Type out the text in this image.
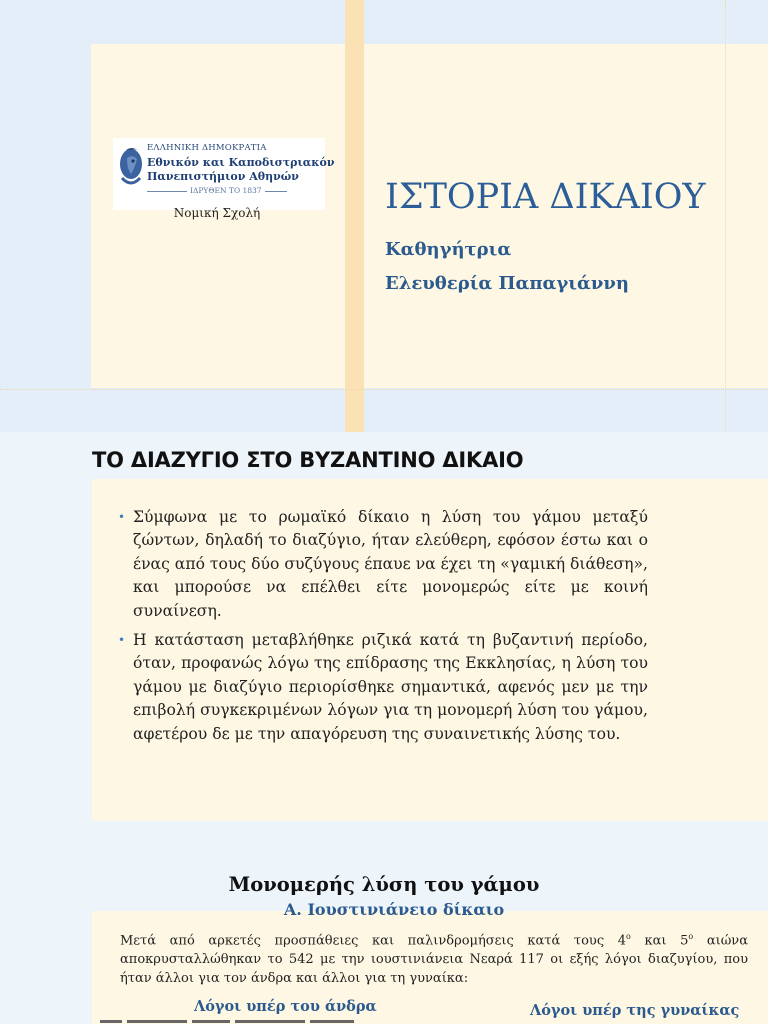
ΕΛΛΗΝΙΚΗ ΔΗΜΟΚΡΑΤΙΑ
Εθνικόν και Καποδιστριακόν
Πανεπιστήμιον Αθηνών
ΙΔΡΥΘΕΝ ΤΟ 1837
Νομική Σχολή	ΙΣΤΟΡΙΑ ΔΙΚΑΙΟΥ
Καθηγήτρια
Ελευθερία Παπαγιάννη
ΤΟ ΔΙΑΖΥΓΙΟ ΣΤΟ ΒΥΖΑΝΤΙΝΟ ΔΙΚΑΙΟ
• Σύμφωνα με το ρωμαϊκό δίκαιο η λύση του γάμου μεταξύ ζώντων, δηλαδή το διαζύγιο, ήταν ελεύθερη, εφόσον έστω και ο ένας από τους δύο συζύγους έπαυε να έχει τη «γαμική διάθεση», και μπορούσε να επέλθει είτε μονομερώς είτε με κοινή συναίνεση.
• Η κατάσταση μεταβλήθηκε ριζικά κατά τη βυζαντινή περίοδο, όταν, προφανώς λόγω της επίδρασης της Εκκλησίας, η λύση του γάμου με διαζύγιο περιορίσθηκε σημαντικά, αφενός μεν με την επιβολή συγκεκριμένων λόγων για τη μονομερή λύση του γάμου, αφετέρου δε με την απαγόρευση της συναινετικής λύσης του.
Μονομερής λύση του γάμου
Α. Ιουστινιάνειο δίκαιο
Μετά από αρκετές προσπάθειες και παλινδρομήσεις κατά τους $4^o$ και $5^o$ αιώνα αποκρυσταλλώθηκαν το 542 με την ιουστινιάνεια Νεαρά 117 οι εξής λόγοι διαζυγίου, που ήταν άλλοι για τον άνδρα και άλλοι για τη γυναίκα:
Λόγοι υπέρ του άνδρα	Λόγοι υπέρ της γυναίκας
